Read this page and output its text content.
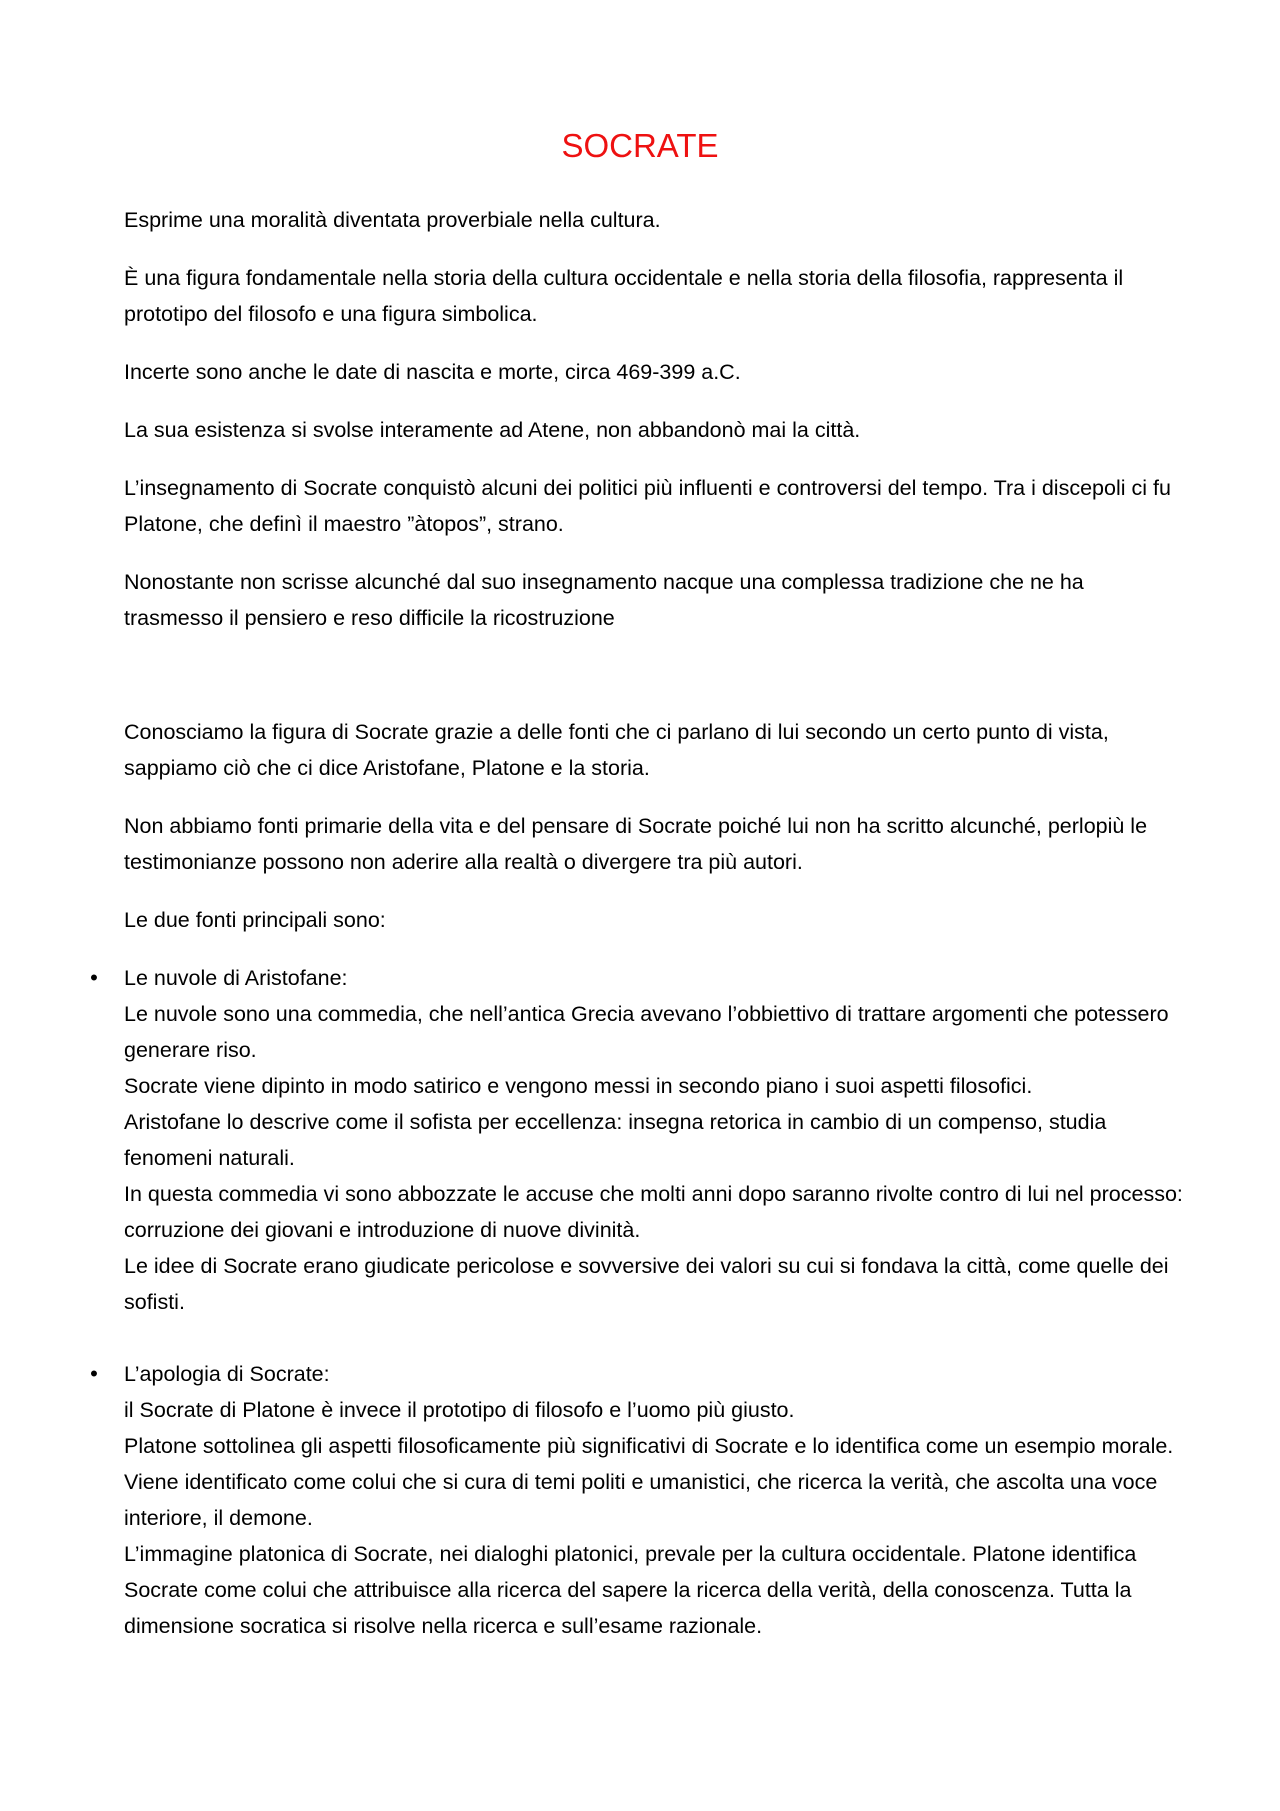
SOCRATE

Esprime una moralità diventata proverbiale nella cultura.

È una figura fondamentale nella storia della cultura occidentale e nella storia della filosofia, rappresenta il prototipo del filosofo e una figura simbolica.

Incerte sono anche le date di nascita e morte, circa 469-399 a.C.

La sua esistenza si svolse interamente ad Atene, non abbandonò mai la città.

L’insegnamento di Socrate conquistò alcuni dei politici più influenti e controversi del tempo. Tra i discepoli ci fu Platone, che definì il maestro ”àtopos”, strano.

Nonostante non scrisse alcunché dal suo insegnamento nacque una complessa tradizione che ne ha trasmesso il pensiero e reso difficile la ricostruzione

Conosciamo la figura di Socrate grazie a delle fonti che ci parlano di lui secondo un certo punto di vista, sappiamo ciò che ci dice Aristofane, Platone e la storia.

Non abbiamo fonti primarie della vita e del pensare di Socrate poiché lui non ha scritto alcunché, perlopiù le testimonianze possono non aderire alla realtà o divergere tra più autori.

Le due fonti principali sono:

• Le nuvole di Aristofane:
Le nuvole sono una commedia, che nell’antica Grecia avevano l’obbiettivo di trattare argomenti che potessero generare riso.
Socrate viene dipinto in modo satirico e vengono messi in secondo piano i suoi aspetti filosofici.
Aristofane lo descrive come il sofista per eccellenza: insegna retorica in cambio di un compenso, studia fenomeni naturali.
In questa commedia vi sono abbozzate le accuse che molti anni dopo saranno rivolte contro di lui nel processo: corruzione dei giovani e introduzione di nuove divinità.
Le idee di Socrate erano giudicate pericolose e sovversive dei valori su cui si fondava la città, come quelle dei sofisti.
• L’apologia di Socrate:
il Socrate di Platone è invece il prototipo di filosofo e l’uomo più giusto.
Platone sottolinea gli aspetti filosoficamente più significativi di Socrate e lo identifica come un esempio morale. Viene identificato come colui che si cura di temi politi e umanistici, che ricerca la verità, che ascolta una voce interiore, il demone.
L’immagine platonica di Socrate, nei dialoghi platonici, prevale per la cultura occidentale. Platone identifica Socrate come colui che attribuisce alla ricerca del sapere la ricerca della verità, della conoscenza. Tutta la dimensione socratica si risolve nella ricerca e sull’esame razionale.
